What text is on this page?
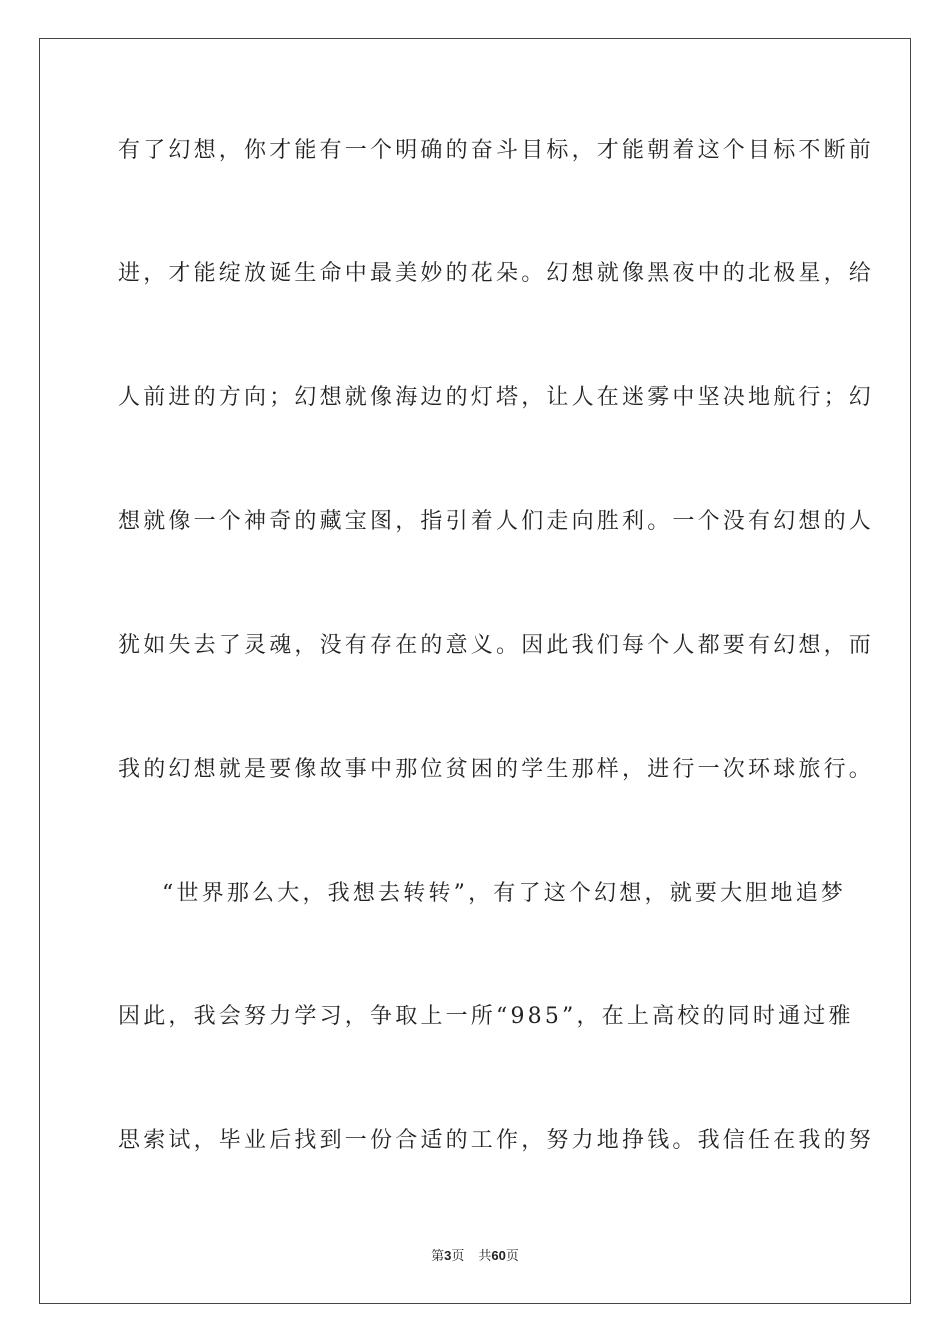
有了幻想，你才能有一个明确的奋斗目标，才能朝着这个目标不断前
进，才能绽放诞生命中最美妙的花朵。幻想就像黑夜中的北极星，给
人前进的方向；幻想就像海边的灯塔，让人在迷雾中坚决地航行；幻
想就像一个神奇的藏宝图，指引着人们走向胜利。一个没有幻想的人
犹如失去了灵魂，没有存在的意义。因此我们每个人都要有幻想，而
我的幻想就是要像故事中那位贫困的学生那样，进行一次环球旅行。
“世界那么大，我想去转转”，有了这个幻想，就要大胆地追梦
因此，我会努力学习，争取上一所“985”，在上高校的同时通过雅
思索试，毕业后找到一份合适的工作，努力地挣钱。我信任在我的努
第3页 共60页
